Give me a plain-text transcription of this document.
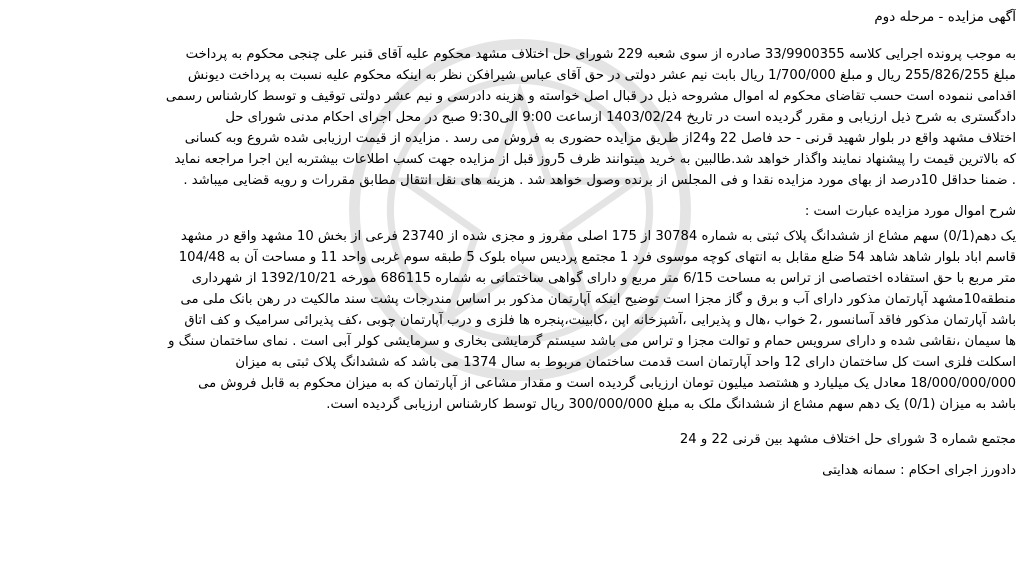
آگهی مزایده - مرحله دوم

به موجب پرونده اجرایی کلاسه 33/9900355 صادره از سوی شعبه 229 شورای حل اختلاف مشهد محکوم علیه آقای قنبر علی چنجی محکوم به پرداخت

مبلغ 255/826/255 ریال و مبلغ 1/700/000 ریال بابت نیم عشر دولتی در حق آقای عباس شیرافکن نظر به اینکه محکوم علیه نسبت به پرداخت دیونش

اقدامی ننموده است حسب تقاضای محکوم له اموال مشروحه ذیل در قبال اصل خواسته و هزینه دادرسی و نیم عشر دولتی توقیف و توسط کارشناس رسمی

دادگستری به شرح ذیل ارزیابی و مقرر گردیده است در تاریخ 1403/02/24 ازساعت 9:00 الی9:30 صبح در محل اجرای احکام مدنی شورای حل

اختلاف مشهد واقع در بلوار شهید قرنی - حد فاصل 22 و24از طریق مزایده حضوری به فروش می رسد . مزایده از قیمت ارزیابی شده شروع وبه کسانی

که بالاترین قیمت را پیشنهاد نمایند واگذار خواهد شد.طالبین به خرید میتوانند ظرف 5روز قبل از مزایده جهت کسب اطلاعات بیشتربه این اجرا مراجعه نماید

. ضمنا حداقل 10درصد از بهای مورد مزایده نقدا و فی المجلس از برنده وصول خواهد شد . هزینه های نقل انتقال مطابق مقررات و رویه قضایی میباشد .

شرح اموال مورد مزایده عبارت است :

یک دهم(0/1) سهم مشاع از ششدانگ پلاک ثبتی به شماره 30784 از 175 اصلی مفروز و مجزی شده از 23740 فرعی از بخش 10 مشهد واقع در مشهد

قاسم اباد بلوار شاهد شاهد 54 ضلع مقابل به انتهای کوچه موسوی فرد 1 مجتمع پردیس سپاه بلوک 5 طبقه سوم غربی واحد 11 و مساحت آن به 104/48

متر مربع با حق استفاده اختصاصی از تراس به مساحت 6/15 متر مربع و دارای گواهی ساختمانی به شماره 686115 مورخه 1392/10/21 از شهرداری

منطقه10مشهد آپارتمان مذکور دارای آب و برق و گاز مجزا است توضیح اینکه آپارتمان مذکور بر اساس مندرجات پشت سند مالکیت در رهن بانک ملی می

باشد آپارتمان مذکور فاقد آسانسور ،2 خواب ،هال و پذیرایی ،آشپزخانه اپن ،کابینت،پنجره ها فلزی و درب آپارتمان چوبی ،کف پذیرائی سرامیک و کف اتاق

ها سیمان ،نقاشی شده و دارای سرویس حمام و توالت مجزا و تراس می باشد سیستم گرمایشی بخاری و سرمایشی کولر آبی است . نمای ساختمان سنگ و

اسکلت فلزی است کل ساختمان دارای 12 واحد آپارتمان است قدمت ساختمان مربوط به سال 1374 می باشد که ششدانگ پلاک ثبتی به میزان

18/000/000/000 معادل یک میلیارد و هشتصد میلیون تومان ارزیابی گردیده است و مقدار مشاعی از آپارتمان که به میزان محکوم به قابل فروش می

باشد به میزان (0/1) یک دهم سهم مشاع از ششدانگ ملک به مبلغ 300/000/000 ریال توسط کارشناس ارزیابی گردیده است.

مجتمع شماره 3 شورای حل اختلاف مشهد بین قرنی 22 و 24
دادورز اجرای احکام : سمانه هدایتی
